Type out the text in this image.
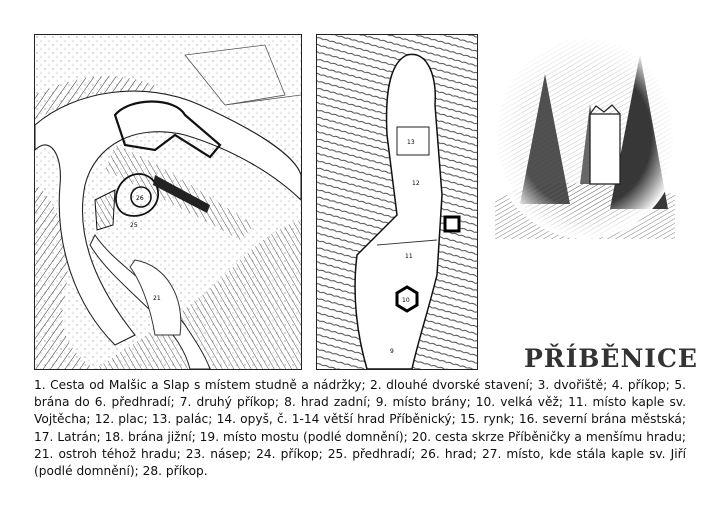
26
21
25
13
12
11
10
9	PŘÍBĚNICE

1. Cesta od Malšic a Slap s místem studně a nádržky; 2. dlouhé dvorské stavení; 3. dvořiště; 4. příkop; 5. brána do 6. předhradí; 7. druhý příkop; 8. hrad zadní; 9. místo brány; 10. velká věž; 11. místo kaple sv. Vojtěcha; 12. plac; 13. palác; 14. opyš, č. 1-14 větší hrad Příběnický; 15. rynk; 16. severní brána městská; 17. Latrán; 18. brána jižní; 19. místo mostu (podlé domnění); 20. cesta skrze Příběničky a menšímu hradu; 21. ostroh téhož hradu; 23. násep; 24. příkop; 25. předhradí; 26. hrad; 27. místo, kde stála kaple sv. Jiří (podlé domnění); 28. příkop.
